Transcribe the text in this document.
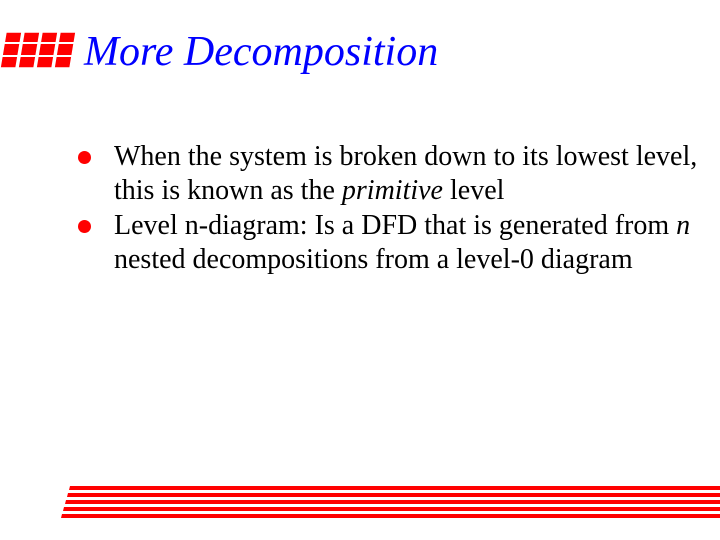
More Decomposition
When the system is broken down to its lowest level, this is known as the primitive level
Level n-diagram: Is a DFD that is generated from n nested decompositions from a level-0 diagram
